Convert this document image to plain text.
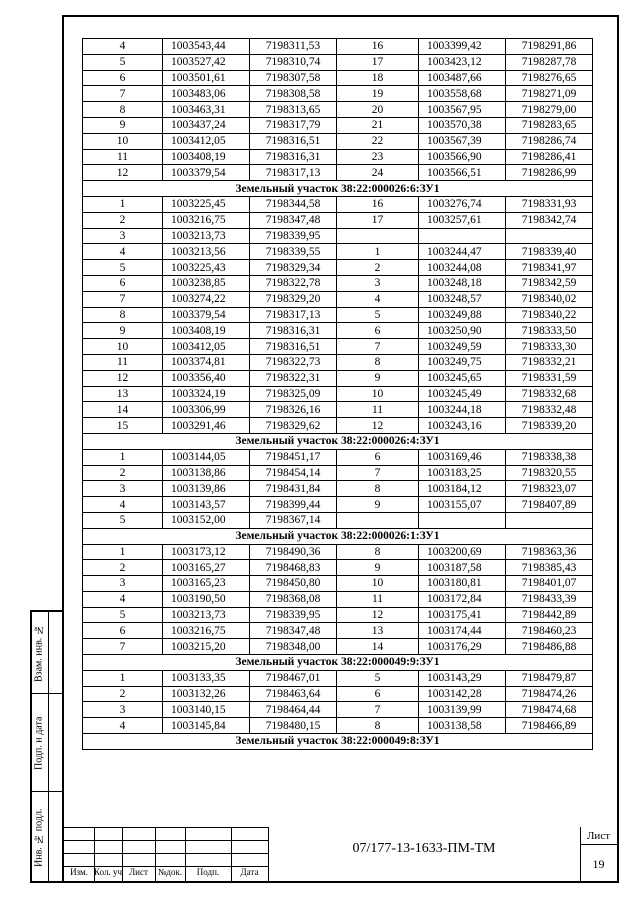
Взам. инв. №
Подп. и дата
Инв. № подл.
4	1003543,44	7198311,53	16	1003399,42	7198291,86
5	1003527,42	7198310,74	17	1003423,12	7198287,78
6	1003501,61	7198307,58	18	1003487,66	7198276,65
7	1003483,06	7198308,58	19	1003558,68	7198271,09
8	1003463,31	7198313,65	20	1003567,95	7198279,00
9	1003437,24	7198317,79	21	1003570,38	7198283,65
10	1003412,05	7198316,51	22	1003567,39	7198286,74
11	1003408,19	7198316,31	23	1003566,90	7198286,41
12	1003379,54	7198317,13	24	1003566,51	7198286,99
Земельный участок 38:22:000026:6:ЗУ1					
1	1003225,45	7198344,58	16	1003276,74	7198331,93
2	1003216,75	7198347,48	17	1003257,61	7198342,74
3	1003213,73	7198339,95			
4	1003213,56	7198339,55	1	1003244,47	7198339,40
5	1003225,43	7198329,34	2	1003244,08	7198341,97
6	1003238,85	7198322,78	3	1003248,18	7198342,59
7	1003274,22	7198329,20	4	1003248,57	7198340,02
8	1003379,54	7198317,13	5	1003249,88	7198340,22
9	1003408,19	7198316,31	6	1003250,90	7198333,50
10	1003412,05	7198316,51	7	1003249,59	7198333,30
11	1003374,81	7198322,73	8	1003249,75	7198332,21
12	1003356,40	7198322,31	9	1003245,65	7198331,59
13	1003324,19	7198325,09	10	1003245,49	7198332,68
14	1003306,99	7198326,16	11	1003244,18	7198332,48
15	1003291,46	7198329,62	12	1003243,16	7198339,20
Земельный участок 38:22:000026:4:ЗУ1					
1	1003144,05	7198451,17	6	1003169,46	7198338,38
2	1003138,86	7198454,14	7	1003183,25	7198320,55
3	1003139,86	7198431,84	8	1003184,12	7198323,07
4	1003143,57	7198399,44	9	1003155,07	7198407,89
5	1003152,00	7198367,14			
Земельный участок 38:22:000026:1:ЗУ1					
1	1003173,12	7198490,36	8	1003200,69	7198363,36
2	1003165,27	7198468,83	9	1003187,58	7198385,43
3	1003165,23	7198450,80	10	1003180,81	7198401,07
4	1003190,50	7198368,08	11	1003172,84	7198433,39
5	1003213,73	7198339,95	12	1003175,41	7198442,89
6	1003216,75	7198347,48	13	1003174,44	7198460,23
7	1003215,20	7198348,00	14	1003176,29	7198486,88
Земельный участок 38:22:000049:9:ЗУ1					
1	1003133,35	7198467,01	5	1003143,29	7198479,87
2	1003132,26	7198463,64	6	1003142,28	7198474,26
3	1003140,15	7198464,44	7	1003139,99	7198474,68
4	1003145,84	7198480,15	8	1003138,58	7198466,89
Земельный участок 38:22:000049:8:ЗУ1					
Изм. Кол. уч Лист	№док.	Подп.	Дата
07/177-13-1633-ПМ-ТМ
Лист
19
